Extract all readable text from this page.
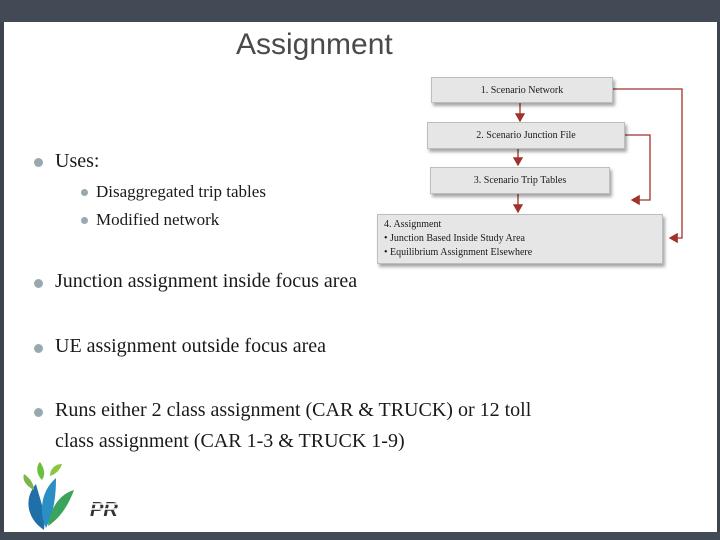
Assignment
Uses:
Disaggregated trip tables
Modified network
Junction assignment inside focus area
UE assignment outside focus area
Runs either 2 class assignment (CAR & TRUCK) or 12 toll
class assignment (CAR 1-3 & TRUCK 1-9)
1. Scenario Network
2. Scenario Junction File
3. Scenario Trip Tables
4. Assignment
• Junction Based Inside Study Area
• Equilibrium Assignment Elsewhere
PR
